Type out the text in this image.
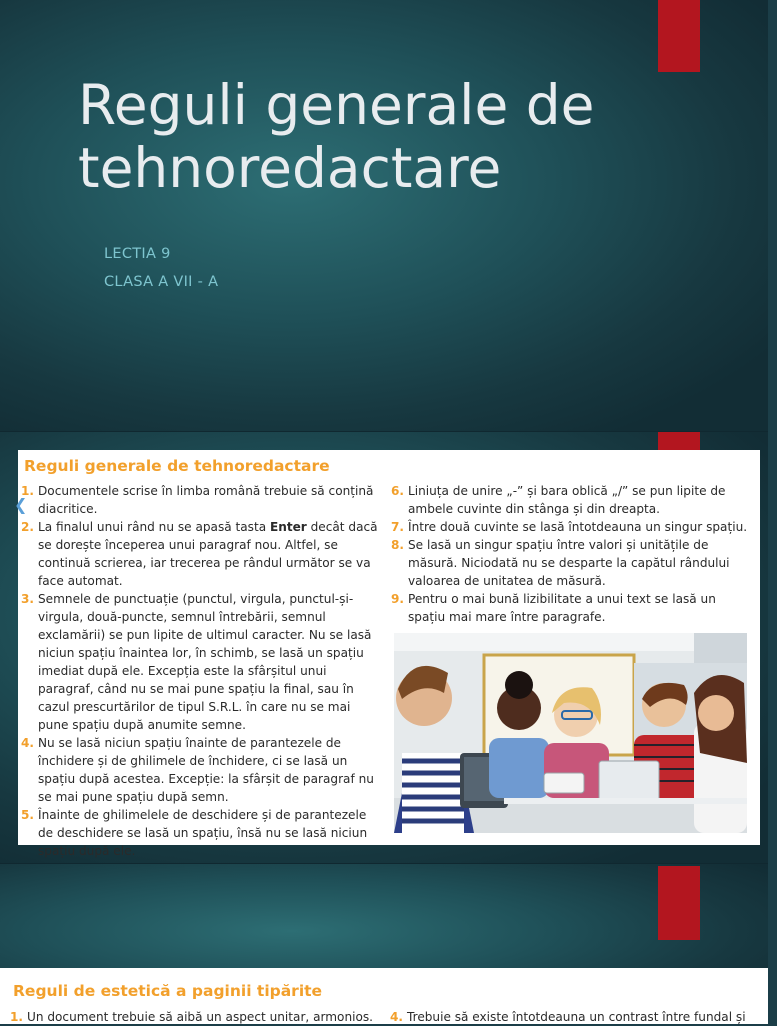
Reguli generale de tehnoredactare
LECTIA 9
CLASA A VII - A
Reguli generale de tehnoredactare

1. Documentele scrise în limba română trebuie să conțină diacritice.

2. La finalul unui rând nu se apasă tasta Enter decât dacă se dorește începerea unui paragraf nou. Altfel, se continuă scrierea, iar trecerea pe rândul următor se va face automat.

3. Semnele de punctuație (punctul, virgula, punctul-și-virgula, două-puncte, semnul întrebării, semnul exclamării) se pun lipite de ultimul caracter. Nu se lasă niciun spațiu înaintea lor, în schimb, se lasă un spațiu imediat după ele. Excepția este la sfârșitul unui paragraf, când nu se mai pune spațiu la final, sau în cazul prescurtărilor de tipul S.R.L. în care nu se mai pune spațiu după anumite semne.

4. Nu se lasă niciun spațiu înainte de parantezele de închidere și de ghilimele de închidere, ci se lasă un spațiu după acestea. Excepție: la sfârșit de paragraf nu se mai pune spațiu după semn.

5. Înainte de ghilimelele de deschidere și de parantezele de deschidere se lasă un spațiu, însă nu se lasă niciun spațiu după ele.

6. Liniuța de unire „-” și bara oblică „/” se pun lipite de ambele cuvinte din stânga și din dreapta.

7. Între două cuvinte se lasă întotdeauna un singur spațiu.

8. Se lasă un singur spațiu între valori și unitățile de măsură. Niciodată nu se desparte la capătul rândului valoarea de unitatea de măsură.

9. Pentru o mai bună lizibilitate a unui text se lasă un spațiu mai mare între paragrafe.

❮
Reguli de estetică a paginii tipărite

1. Un document trebuie să aibă un aspect unitar, armonios. 4. Trebuie să existe întotdeauna un contrast între fundal și
